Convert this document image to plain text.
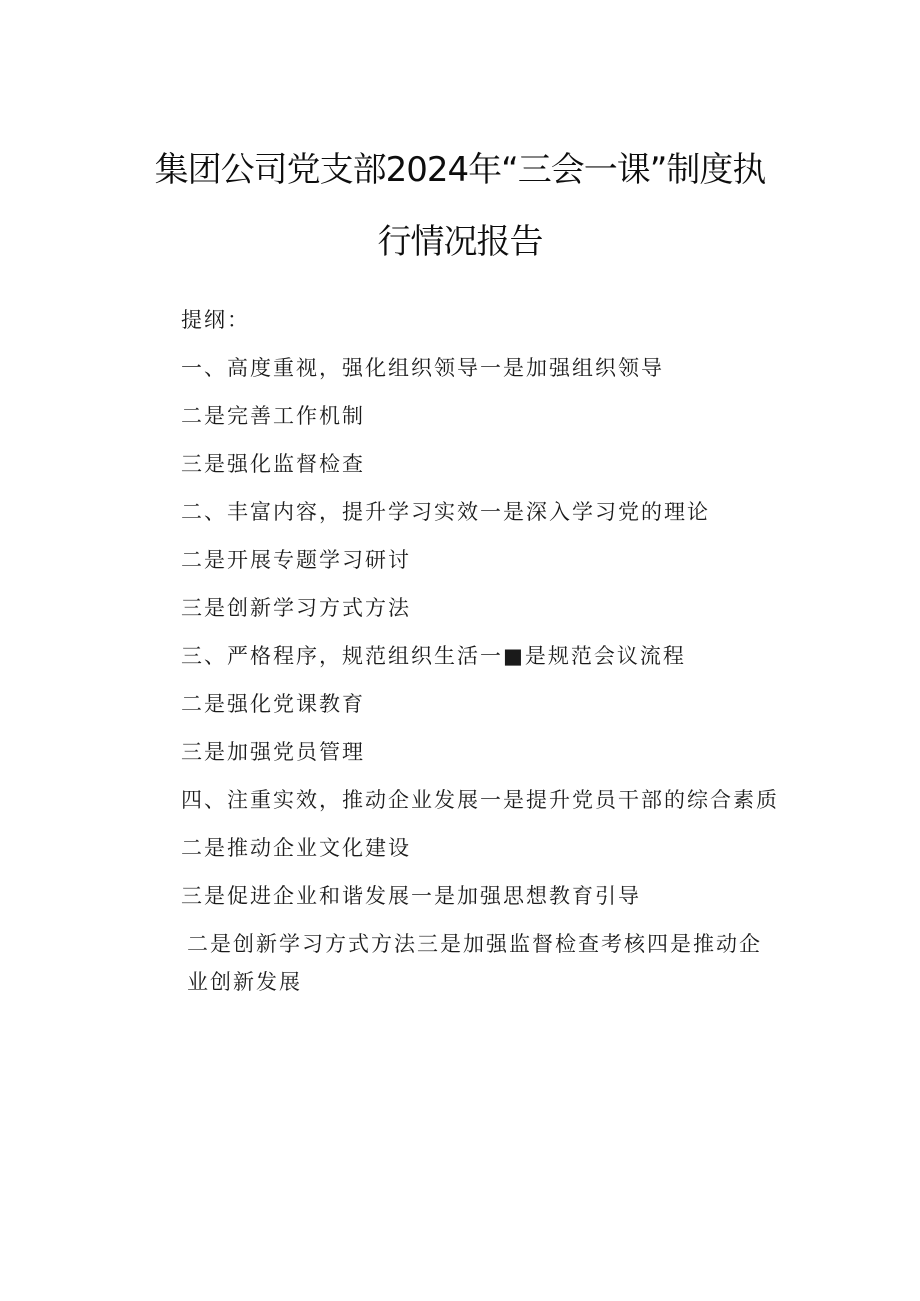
集团公司党支部2024年“三会一课”制度执
行情况报告
提纲：
一、高度重视，强化组织领导一是加强组织领导
二是完善工作机制
三是强化监督检查
二、丰富内容，提升学习实效一是深入学习党的理论
二是开展专题学习研讨
三是创新学习方式方法
三、严格程序，规范组织生活一■是规范会议流程
二是强化党课教育
三是加强党员管理
四、注重实效，推动企业发展一是提升党员干部的综合素质
二是推动企业文化建设
三是促进企业和谐发展一是加强思想教育引导
二是创新学习方式方法三是加强监督检查考核四是推动企
业创新发展
